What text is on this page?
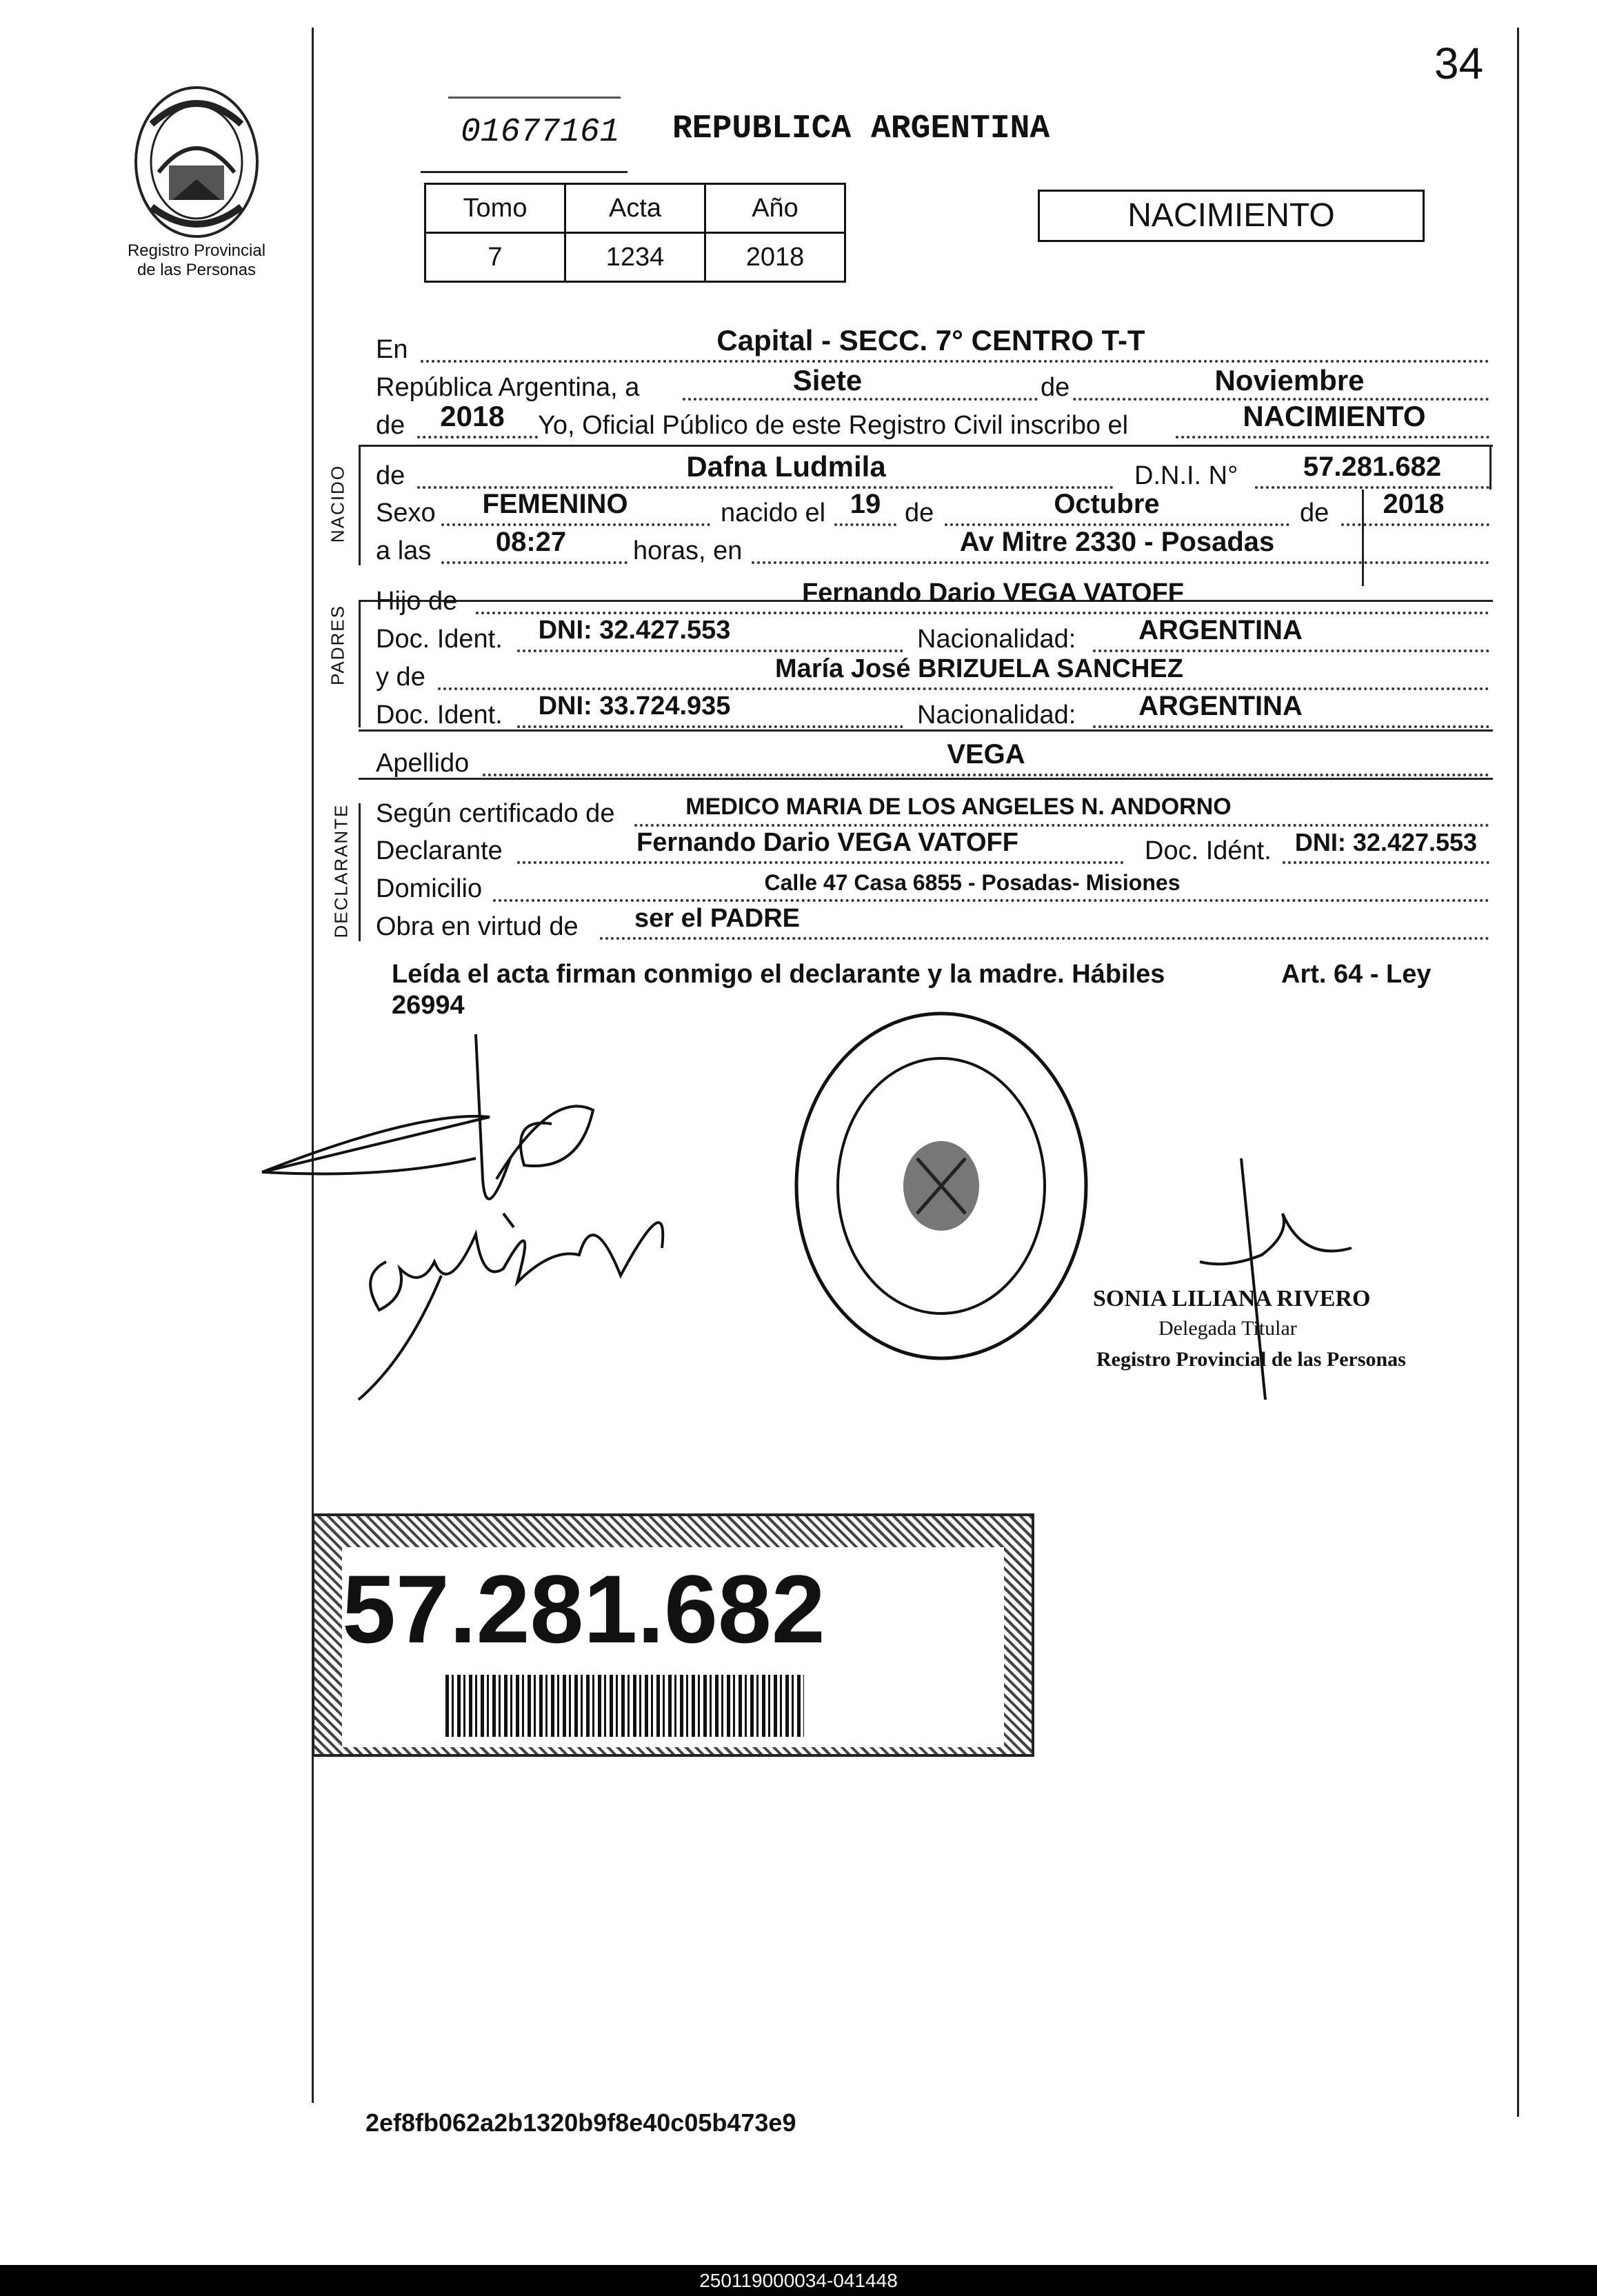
34
Registro Provincial
de las Personas
01677161 REPUBLICA ARGENTINA
Tomo	Acta	Año
7	1234	2018
NACIMIENTO
En	Capital - SECC. 7° CENTRO T-T
República Argentina, a	Siete	de	Noviembre
de	2018	Yo, Oficial Público de este Registro Civil inscribo el	NACIMIENTO
NACIDO de	Dafna Ludmila	D.N.I. N°	57.281.682
Sexo	FEMENINO	nacido el 19 de	Octubre	de	2018
a las	08:27	horas, en	Av Mitre 2330 - Posadas
PADRES
Hijo de	Fernando Dario VEGA VATOFF
Doc. Ident. DNI: 32.427.553	Nacionalidad:	ARGENTINA
y de	María José BRIZUELA SANCHEZ
Doc. Ident. DNI: 33.724.935	Nacionalidad:	ARGENTINA
Apellido	VEGA
DECLARANTE Según certificado de	MEDICO MARIA DE LOS ANGELES N. ANDORNO
Declarante	Fernando Dario VEGA VATOFF	Doc. Idént. DNI: 32.427.553
Domicilio	Calle 47 Casa 6855 - Posadas- Misiones
Obra en virtud de	ser el PADRE
Leída el acta firman conmigo el declarante y la madre. Hábiles	Art. 64 - Ley
26994
SONIA LILIANA RIVERO
Delegada Titular
Registro Provincial de las Personas
57.281.682
2ef8fb062a2b1320b9f8e40c05b473e9
250119000034-041448
